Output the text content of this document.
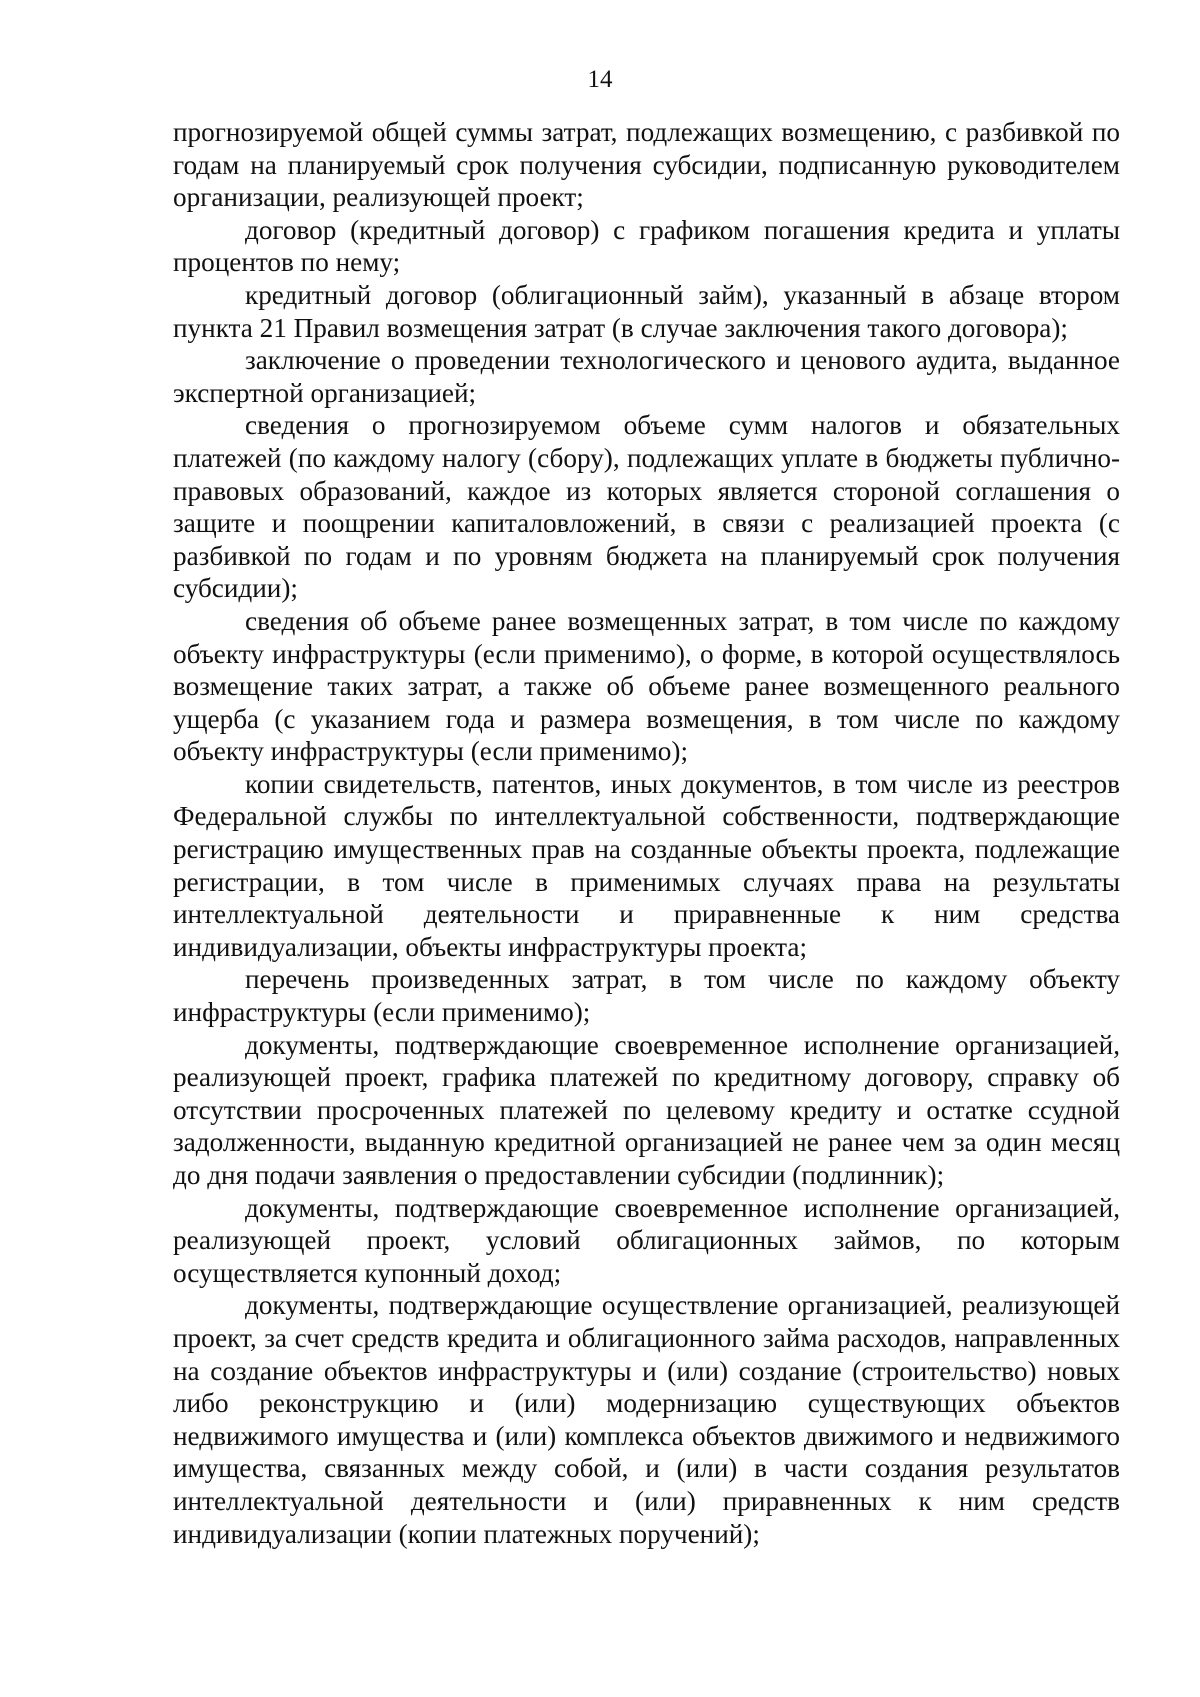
14

прогнозируемой общей суммы затрат, подлежащих возмещению, с разбивкой по годам на планируемый срок получения субсидии, подписанную руководителем организации, реализующей проект;

договор (кредитный договор) с графиком погашения кредита и уплаты процентов по нему;

кредитный договор (облигационный займ), указанный в абзаце втором пункта 21 Правил возмещения затрат (в случае заключения такого договора);

заключение о проведении технологического и ценового аудита, выданное экспертной организацией;

сведения о прогнозируемом объеме сумм налогов и обязательных платежей (по каждому налогу (сбору), подлежащих уплате в бюджеты публично-правовых образований, каждое из которых является стороной соглашения о защите и поощрении капиталовложений, в связи с реализацией проекта (с разбивкой по годам и по уровням бюджета на планируемый срок получения субсидии);

сведения об объеме ранее возмещенных затрат, в том числе по каждому объекту инфраструктуры (если применимо), о форме, в которой осуществлялось возмещение таких затрат, а также об объеме ранее возмещенного реального ущерба (с указанием года и размера возмещения, в том числе по каждому объекту инфраструктуры (если применимо);

копии свидетельств, патентов, иных документов, в том числе из реестров Федеральной службы по интеллектуальной собственности, подтверждающие регистрацию имущественных прав на созданные объекты проекта, подлежащие регистрации, в том числе в применимых случаях права на результаты интеллектуальной деятельности и приравненные к ним средства индивидуализации, объекты инфраструктуры проекта;

перечень произведенных затрат, в том числе по каждому объекту инфраструктуры (если применимо);

документы, подтверждающие своевременное исполнение организацией, реализующей проект, графика платежей по кредитному договору, справку об отсутствии просроченных платежей по целевому кредиту и остатке ссудной задолженности, выданную кредитной организацией не ранее чем за один месяц до дня подачи заявления о предоставлении субсидии (подлинник);

документы, подтверждающие своевременное исполнение организацией, реализующей проект, условий облигационных займов, по которым осуществляется купонный доход;

документы, подтверждающие осуществление организацией, реализующей проект, за счет средств кредита и облигационного займа расходов, направленных на создание объектов инфраструктуры и (или) создание (строительство) новых либо реконструкцию и (или) модернизацию существующих объектов недвижимого имущества и (или) комплекса объектов движимого и недвижимого имущества, связанных между собой, и (или) в части создания результатов интеллектуальной деятельности и (или) приравненных к ним средств индивидуализации (копии платежных поручений);
